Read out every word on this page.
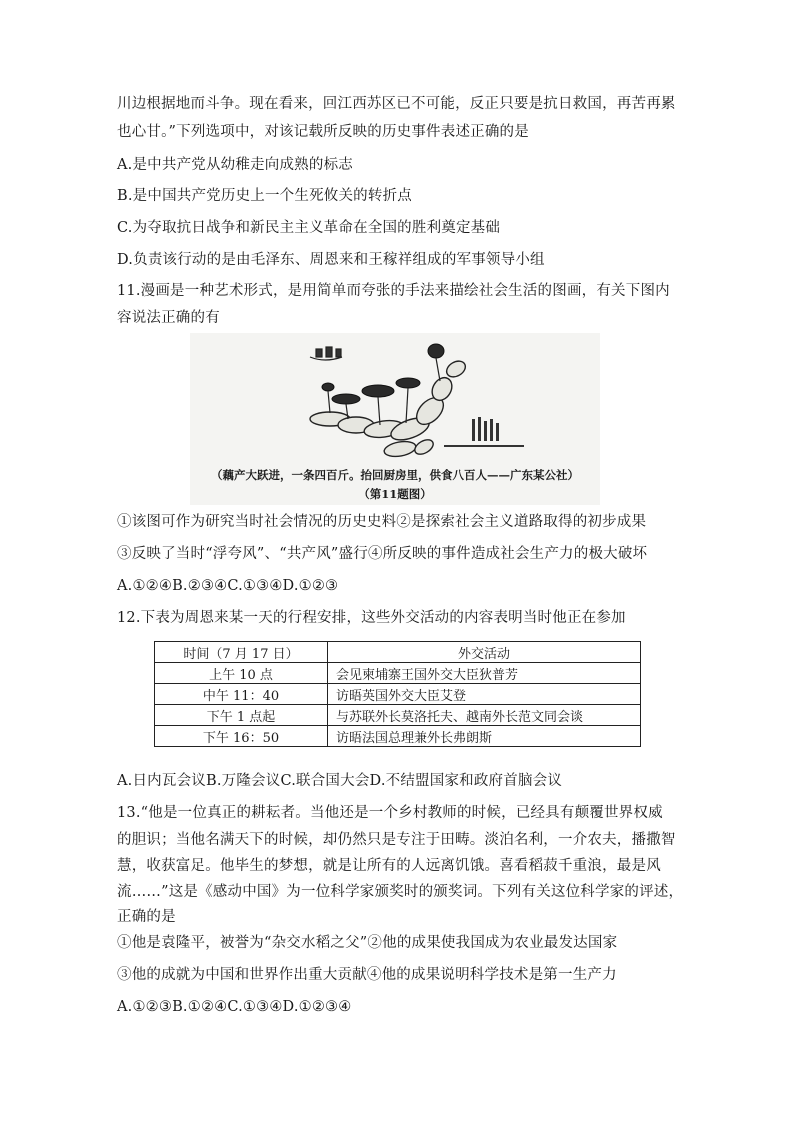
川边根据地而斗争。现在看来，回江西苏区已不可能，反正只要是抗日救国，再苦再累
也心甘。”下列选项中，对该记载所反映的历史事件表述正确的是
A.是中共产党从幼稚走向成熟的标志
B.是中国共产党历史上一个生死攸关的转折点
C.为夺取抗日战争和新民主主义革命在全国的胜利奠定基础
D.负责该行动的是由毛泽东、周恩来和王稼祥组成的军事领导小组
11.漫画是一种艺术形式，是用简单而夸张的手法来描绘社会生活的图画，有关下图内
容说法正确的有
（藕产大跃进，一条四百斤。抬回厨房里，供食八百人——广东某公社）
（第11题图）
①该图可作为研究当时社会情况的历史史料②是探索社会主义道路取得的初步成果
③反映了当时“浮夸风”、“共产风”盛行④所反映的事件造成社会生产力的极大破坏
A.①②④B.②③④C.①③④D.①②③
12.下表为周恩来某一天的行程安排，这些外交活动的内容表明当时他正在参加
时间（7 月 17 日）	外交活动
上午 10 点	会见柬埔寨王国外交大臣狄普芳
中午 11：40	访晤英国外交大臣艾登
下午 1 点起	与苏联外长莫洛托夫、越南外长范文同会谈
下午 16：50	访晤法国总理兼外长弗朗斯
A.日内瓦会议B.万隆会议C.联合国大会D.不结盟国家和政府首脑会议
13.“他是一位真正的耕耘者。当他还是一个乡村教师的时候，已经具有颠覆世界权威
的胆识；当他名满天下的时候，却仍然只是专注于田畴。淡泊名利，一介农夫，播撒智
慧，收获富足。他毕生的梦想，就是让所有的人远离饥饿。喜看稻菽千重浪，最是风
流……”这是《感动中国》为一位科学家颁奖时的颁奖词。下列有关这位科学家的评述，
正确的是
①他是袁隆平，被誉为“杂交水稻之父”②他的成果使我国成为农业最发达国家
③他的成就为中国和世界作出重大贡献④他的成果说明科学技术是第一生产力
A.①②③B.①②④C.①③④D.①②③④
